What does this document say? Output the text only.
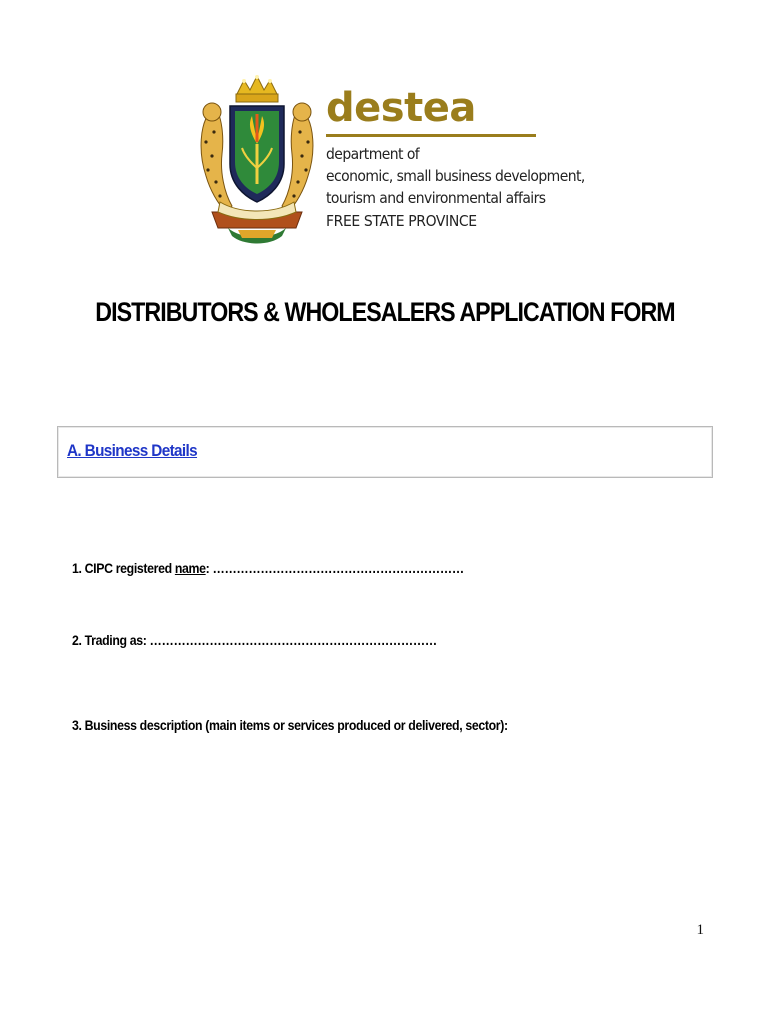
destea
department of
economic, small business development,
tourism and environmental affairs
FREE STATE PROVINCE
DISTRIBUTORS & WHOLESALERS APPLICATION FORM
A. Business Details
1. CIPC registered name: ………………………………………………………
2. Trading as: ………………………………………………………………
3. Business description (main items or services produced or delivered, sector):
1
